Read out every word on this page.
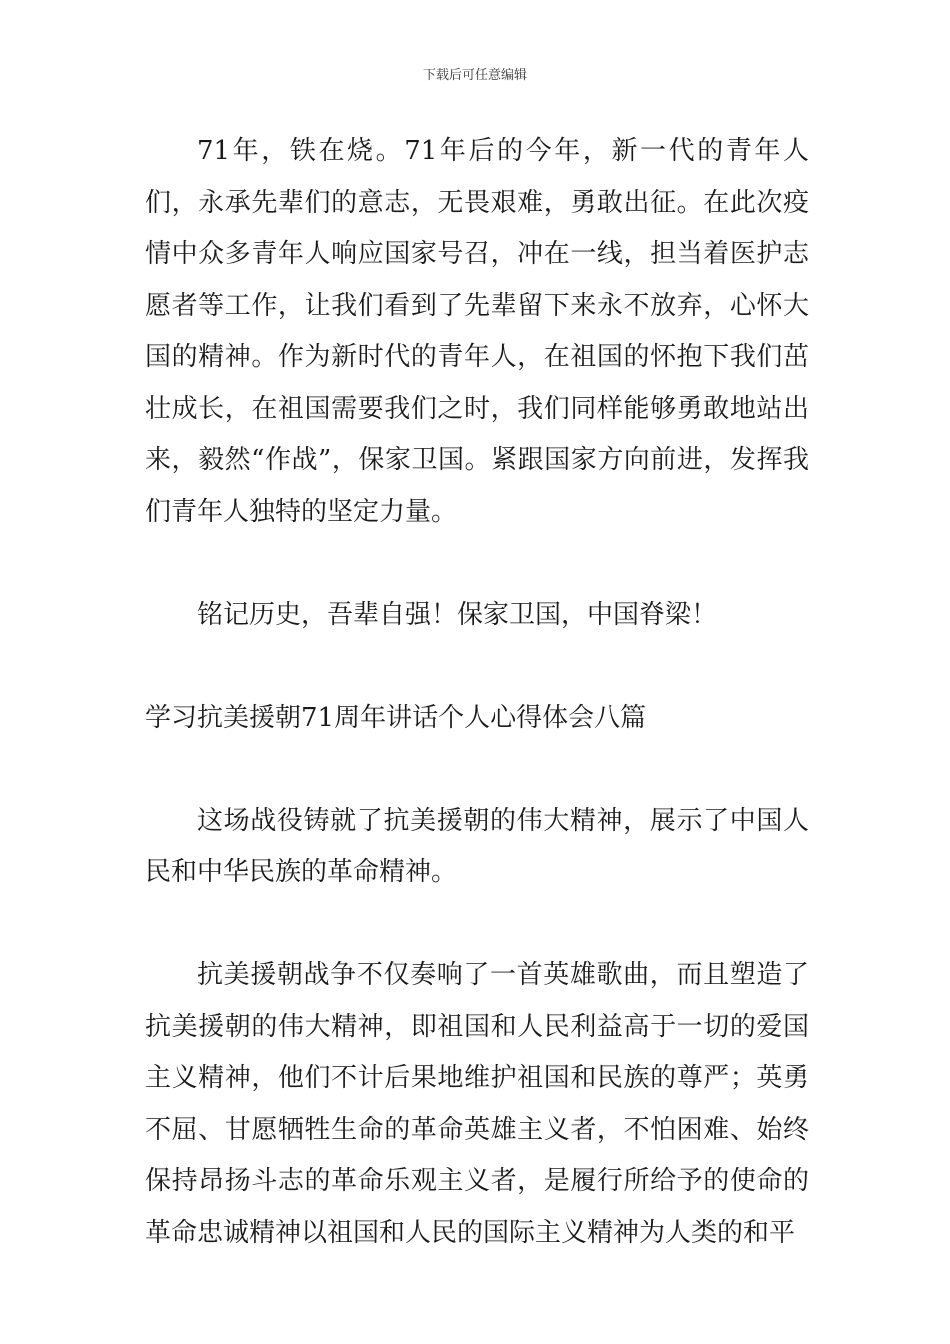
下载后可任意编辑

71年，铁在烧。71年后的今年，新一代的青年人们，永承先辈们的意志，无畏艰难，勇敢出征。在此次疫情中众多青年人响应国家号召，冲在一线，担当着医护志愿者等工作，让我们看到了先辈留下来永不放弃，心怀大国的精神。作为新时代的青年人，在祖国的怀抱下我们茁壮成长，在祖国需要我们之时，我们同样能够勇敢地站出来，毅然“作战”，保家卫国。紧跟国家方向前进，发挥我们青年人独特的坚定力量。

铭记历史，吾辈自强！保家卫国，中国脊梁！

学习抗美援朝71周年讲话个人心得体会八篇

这场战役铸就了抗美援朝的伟大精神，展示了中国人民和中华民族的革命精神。

抗美援朝战争不仅奏响了一首英雄歌曲，而且塑造了抗美援朝的伟大精神，即祖国和人民利益高于一切的爱国主义精神，他们不计后果地维护祖国和民族的尊严；英勇不屈、甘愿牺牲生命的革命英雄主义者，不怕困难、始终保持昂扬斗志的革命乐观主义者，是履行所给予的使命的革命忠诚精神以祖国和人民的国际主义精神为人类的和平
